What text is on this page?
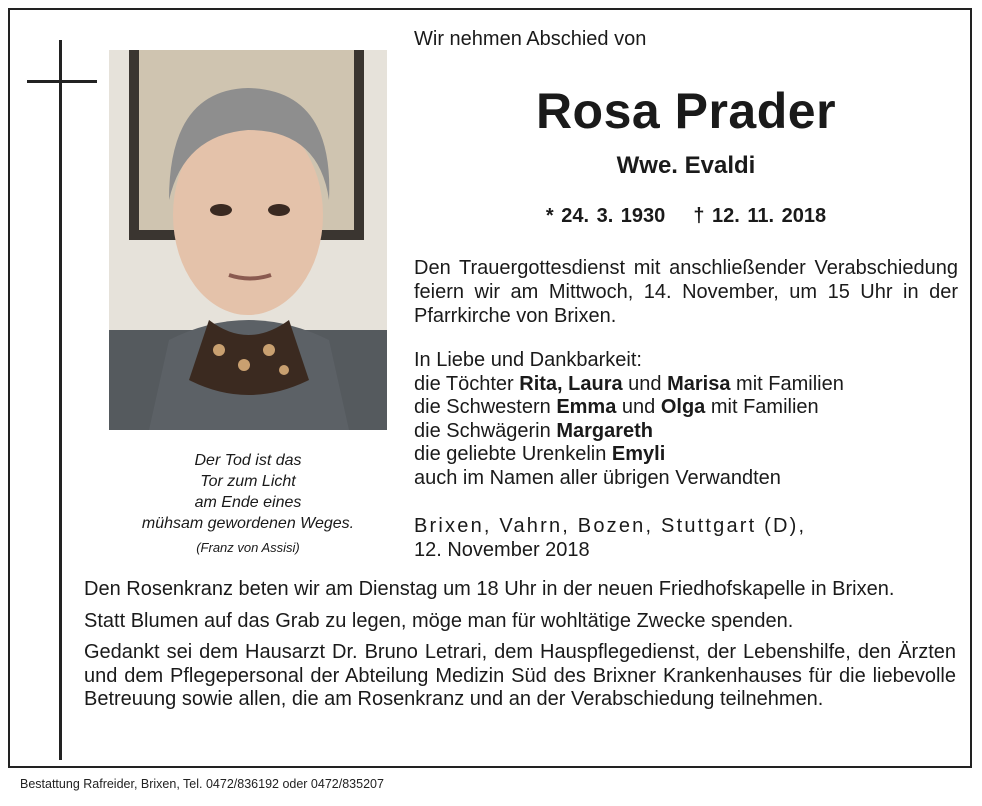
Der Tod ist das
Tor zum Licht
am Ende eines
mühsam gewordenen Weges.
(Franz von Assisi)
Wir nehmen Abschied von
Rosa Prader
Wwe. Evaldi
* 24. 3. 1930 † 12. 11. 2018
Den Trauergottesdienst mit anschließender Verabschiedung feiern wir am Mittwoch, 14. November, um 15 Uhr in der Pfarrkirche von Brixen.
In Liebe und Dankbarkeit:
die Töchter Rita, Laura und Marisa mit Familien
die Schwestern Emma und Olga mit Familien
die Schwägerin Margareth
die geliebte Urenkelin Emyli
auch im Namen aller übrigen Verwandten
Brixen, Vahrn, Bozen, Stuttgart (D),
12. November 2018

Den Rosenkranz beten wir am Dienstag um 18 Uhr in der neuen Friedhofskapelle in Brixen.

Statt Blumen auf das Grab zu legen, möge man für wohltätige Zwecke spenden.

Gedankt sei dem Hausarzt Dr. Bruno Letrari, dem Hauspflegedienst, der Lebenshilfe, den Ärzten und dem Pflegepersonal der Abteilung Medizin Süd des Brixner Krankenhauses für die liebevolle Betreuung sowie allen, die am Rosenkranz und an der Verabschiedung teilnehmen.

Bestattung Rafreider, Brixen, Tel. 0472/836192 oder 0472/835207
